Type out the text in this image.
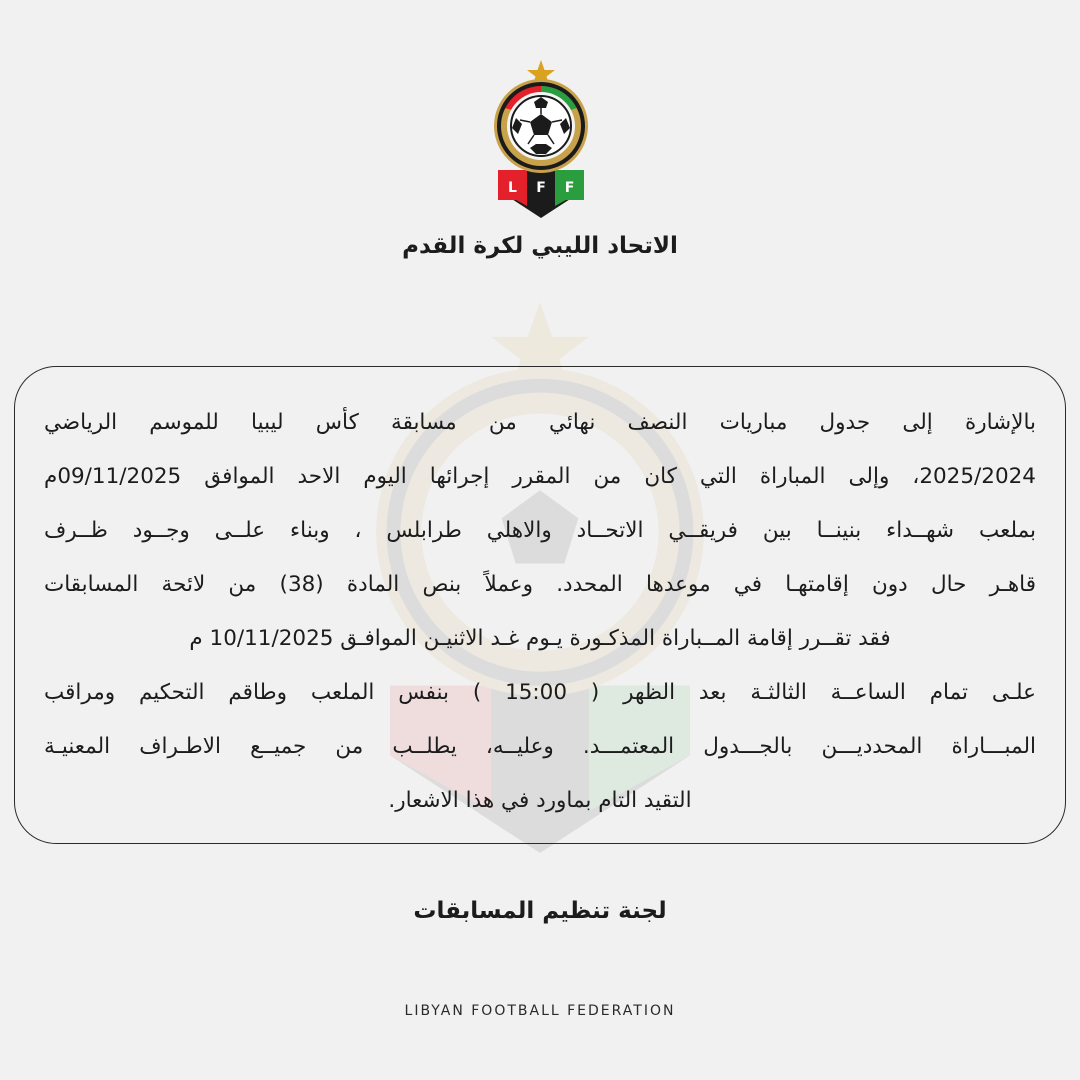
L F F
الاتحاد الليبي لكرة القدم
بالإشارة إلى جدول مباريات النصف نهائي من مسابقة كأس ليبيا للموسم الرياضي
2025/2024، وإلى المباراة التي كان من المقرر إجرائها اليوم الاحد الموافق 09/11/2025م
بملعب شهــداء بنينــا بين فريقــي الاتحــاد والاهلي طرابلس ، وبناء علــى وجــود ظــرف
قاهـر حال دون إقامتهـا في موعدها المحدد. وعملاً بنص المادة (38) من لائحة المسابقات
فقد تقــرر إقامة المــباراة المذكـورة يـوم غـد الاثنيـن الموافـق 10/11/2025 م
علـى تمام الساعــة الثالثـة بعد الظهر ( 15:00 ) بنفس الملعب وطاقم التحكيم ومراقب
المبـــاراة المحدديـــن بالجـــدول المعتمـــد. وعليــه، يطلــب من جميــع الاطـراف المعنيـة
التقيد التام بماورد في هذا الاشعار.
لجنة تنظيم المسابقات
LIBYAN FOOTBALL FEDERATION
